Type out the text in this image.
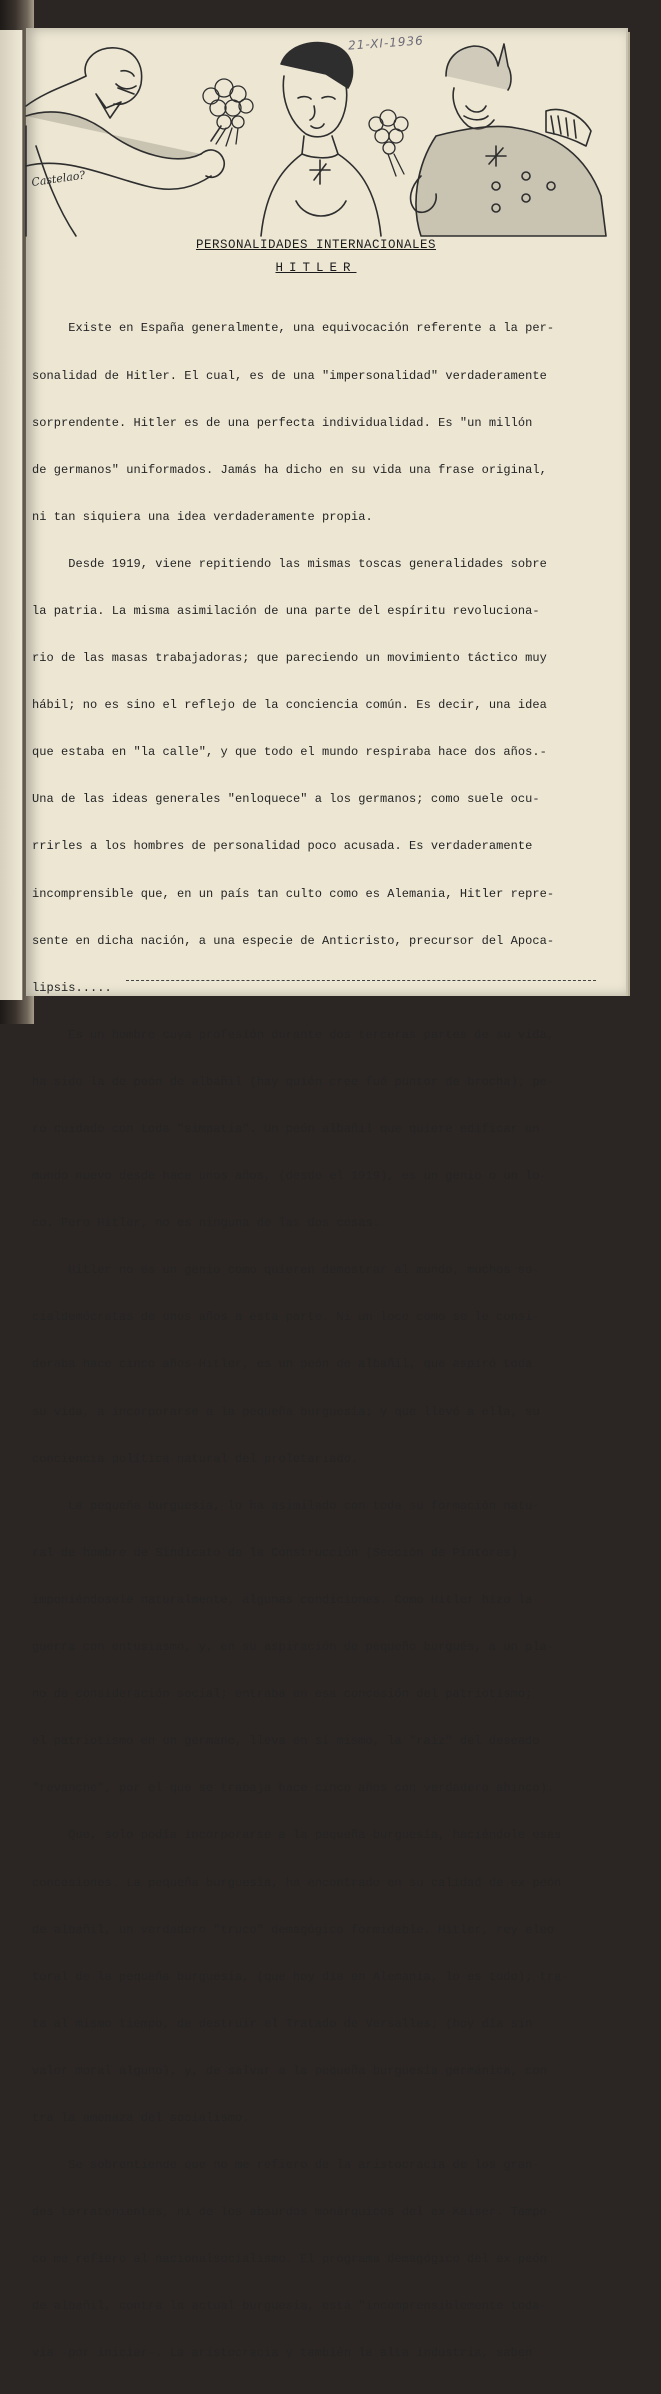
21-XI-1936
Castelao?
PERSONALIDADES INTERNACIONALES
HITLER

Existe en España generalmente, una equivocación referente a la per-

sonalidad de Hitler. El cual, es de una "impersonalidad" verdaderamente

sorprendente. Hitler es de una perfecta individualidad. Es "un millón

de germanos" uniformados. Jamás ha dicho en su vida una frase original,

ni tan siquiera una idea verdaderamente propia.

Desde 1919, viene repitiendo las mismas toscas generalidades sobre

la patria. La misma asimilación de una parte del espíritu revoluciona-

rio de las masas trabajadoras; que pareciendo un movimiento táctico muy

hábil; no es sino el reflejo de la conciencia común. Es decir, una idea

que estaba en "la calle", y que todo el mundo respiraba hace dos años.-

Una de las ideas generales "enloquece" a los germanos; como suele ocu-

rrirles a los hombres de personalidad poco acusada. Es verdaderamente

incomprensible que, en un país tan culto como es Alemania, Hitler repre-

sente en dicha nación, a una especie de Anticristo, precursor del Apoca-

lipsis.....

Es un hombre cuya profesión durante dos terceras partes de su vida,

ha sido la de peón de albañil (hay quién cree fué puntor de brocha); pe-

ro cuidado con toda "simpatía". Un peón albañil que quiere edificar un

mundo nuevo desde hace unos años, (desde el 1919), es un genio o un lo-

co. Pero Hitler, no es ninguna de las dos cosas.

Hitler no es un genio como quieren demostrar al mundo, muchos so-

cialdemócratas de unos años a esta parte. Ni un loco como se le consi-

deraba hace cinco años-Hitler, es un peón de albañil, que aspiró toda

su vida, a incorporarse a la pequeña burguesía; y que llevó a ella, su

conciencia política natural del proletariado.

La pequeña burguesía, lo ha asimilado con toda su formación natu-

ral de hombre de Sindicato de la Construcción (Sección de Pintores)

imponiéndosele naturalmente, algunas condiciones. Como Hitler hizo la

guerra con entusiasmo, y, en su aspiración de pequeño burgués, a un pla-

no de consideración social; entraba en esa concesión del patriotismo;

el patriotismo en un germano, lleva en sí mismo, la "raíz" del deseado

"revanche", por el que se trabaja hace cinco años con verdadero ahinco).

Que, solo podía incorporarse a la pequeña burguesía, haciéndole esas

concesiones. La pequeña burguesía, ha encontrado en su calidad de ex-peón

de albañil, un verdadero "truco" demagógico formidable. Hitler, rey eleo-

toral de la pequeña burguesía, (que hoy día en Alemania, lo es todo); tra-

ta al mismo tiempo, de destruir el Tratado de Versalles; (hoy día sin

valor moral alguno), y, de salvar a la pequeña burguesía germánica, con

tra la amenaza del socialismo.

Se sobrentiende que no me refiero de la aristocracia de los gran-

des terratenientes, ni de los absurdos monárquicos del ex-Kaiser. Tampo-

co me refiero al nacionalsocialismo. El programa demagógico del ex-peón

de albañil, contra la actual burguesía, está "incomprensiblemente toda-

vía -por iniciar-. La aristocracia y también la alta industria, saben
